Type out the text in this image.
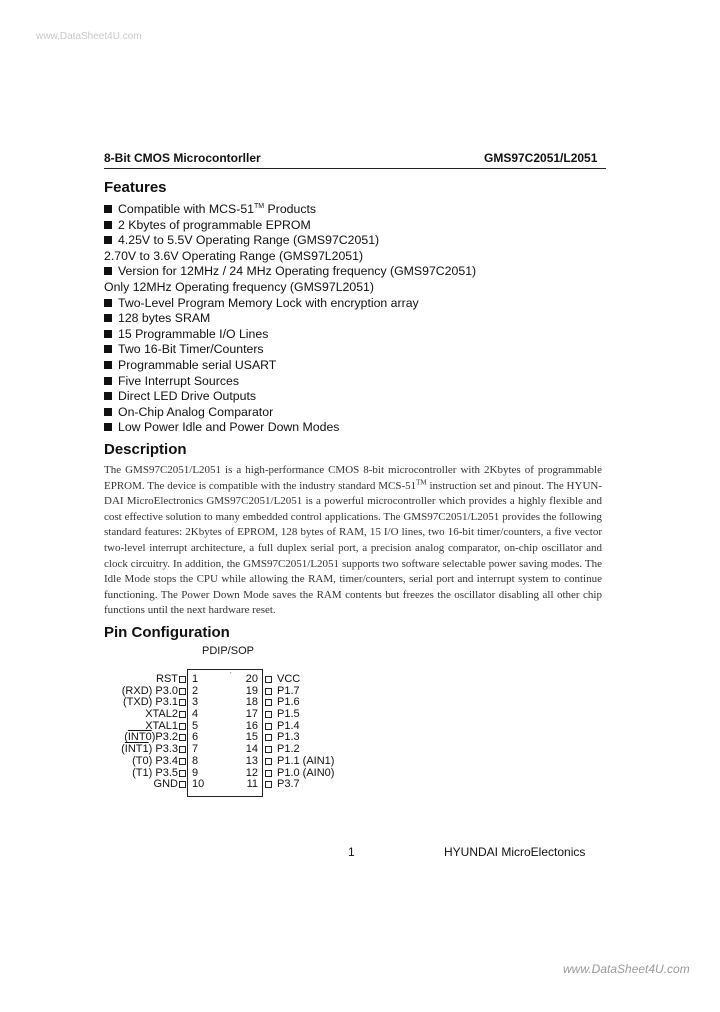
www.DataSheet4U.com
8-Bit CMOS Microcontorller	GMS97C2051/L2051
Features
Compatible with MCS-51™ Products
2 Kbytes of programmable EPROM
4.25V to 5.5V Operating Range (GMS97C2051)
2.70V to 3.6V Operating Range (GMS97L2051)
Version for 12MHz / 24 MHz Operating frequency (GMS97C2051)
Only 12MHz Operating frequency (GMS97L2051)
Two-Level Program Memory Lock with encryption array
128 bytes SRAM
15 Programmable I/O Lines
Two 16-Bit Timer/Counters
Programmable serial USART
Five Interrupt Sources
Direct LED Drive Outputs
On-Chip Analog Comparator
Low Power Idle and Power Down Modes
Description
The GMS97C2051/L2051 is a high-performance CMOS 8-bit microcontroller with 2Kbytes of programmable EPROM. The device is compatible with the industry standard MCS-51™ instruction set and pinout. The HYUN-DAI MicroElectronics GMS97C2051/L2051 is a powerful microcontroller which provides a highly flexible and cost effective solution to many embedded control applications. The GMS97C2051/L2051 provides the following standard features: 2Kbytes of EPROM, 128 bytes of RAM, 15 I/O lines, two 16-bit timer/counters, a five vector two-level interrupt architecture, a full duplex serial port, a precision analog comparator, on-chip oscillator and clock circuitry. In addition, the GMS97C2051/L2051 supports two software selectable power saving modes. The Idle Mode stops the CPU while allowing the RAM, timer/counters, serial port and interrupt system to continue functioning. The Power Down Mode saves the RAM contents but freezes the oscillator disabling all other chip functions until the next hardware reset.
Pin Configuration
PDIP/SOP
ˊ
RST
(RXD) P3.0
(TXD) P3.1
XTAL2
XTAL1
(INT0)P3.2
(INT1) P3.3
(T0) P3.4
(T1) P3.5
GND
1
2
3
4
5
6
7
8
9
10
20
19
18
17
16
15
14
13
12
11
VCC
P1.7
P1.6
P1.5
P1.4
P1.3
P1.2
P1.1 (AIN1)
P1.0 (AIN0)
P3.7
1	HYUNDAI MicroElectonics
www.DataSheet4U.com
